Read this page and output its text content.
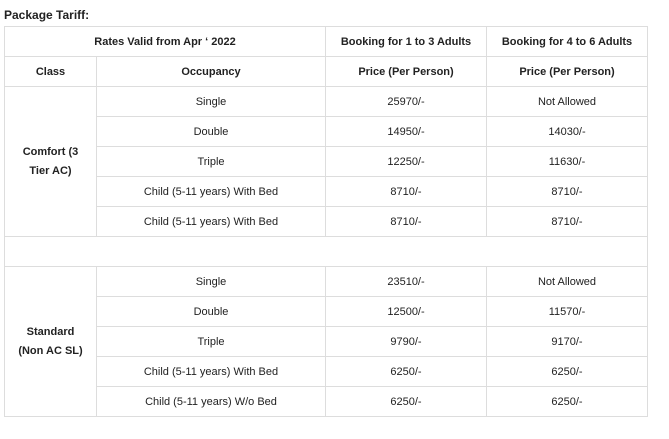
Package Tariff:
Rates Valid from Apr ‘ 2022		Booking for 1 to 3 Adults	Booking for 4 to 6 Adults
Class	Occupancy	Price (Per Person)	Price (Per Person)
Comfort (3
Tier AC)	Single	25970/-	Not Allowed
	Double	14950/-	14030/-
	Triple	12250/-	11630/-
	Child (5-11 years) With Bed	8710/-	8710/-
	Child (5-11 years) With Bed	8710/-	8710/-

Standard
(Non AC SL)	Single	23510/-	Not Allowed
	Double	12500/-	11570/-
	Triple	9790/-	9170/-
	Child (5-11 years) With Bed	6250/-	6250/-
	Child (5-11 years) W/o Bed	6250/-	6250/-
